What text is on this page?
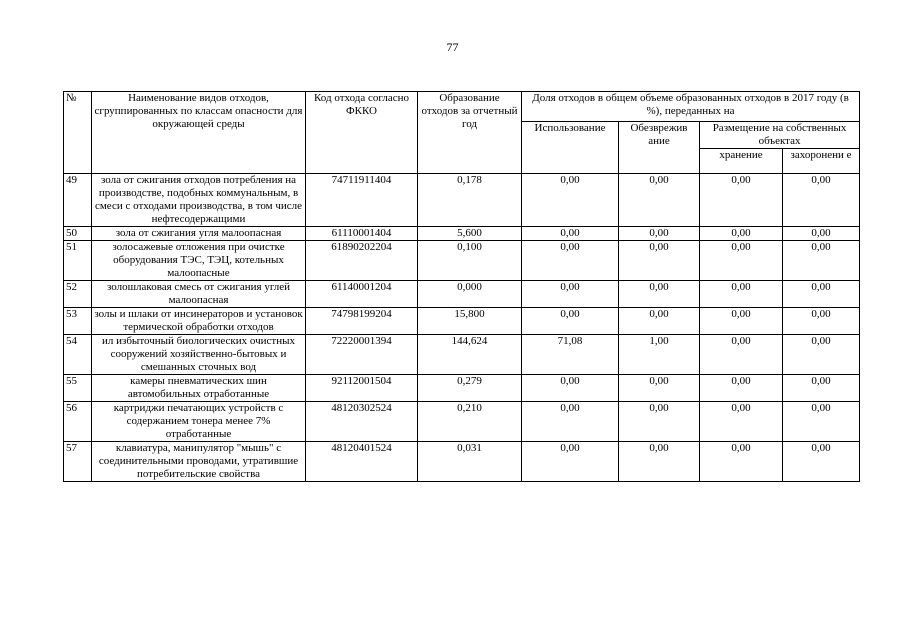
77
№	Наименование видов отходов, сгруппированных по классам опасности для окружающей среды	Код отхода согласно ФККО	Образование отходов за отчетный год	Доля отходов в общем объеме образованных отходов в 2017 году (в %), переданных на			
				Использование	Обезврежив ание	Размещение на собственных объектах	
						хранение	захоронени е
49	зола от сжигания отходов потребления на производстве, подобных коммунальным, в смеси с отходами производства, в том числе нефтесодержащими	74711911404	0,178	0,00	0,00	0,00	0,00
50	зола от сжигания угля малоопасная	61110001404	5,600	0,00	0,00	0,00	0,00
51	золосажевые отложения при очистке оборудования ТЭС, ТЭЦ, котельных малоопасные	61890202204	0,100	0,00	0,00	0,00	0,00
52	золошлаковая смесь от сжигания углей малоопасная	61140001204	0,000	0,00	0,00	0,00	0,00
53	золы и шлаки от инсинераторов и установок термической обработки отходов	74798199204	15,800	0,00	0,00	0,00	0,00
54	ил избыточный биологических очистных сооружений хозяйственно-бытовых и смешанных сточных вод	72220001394	144,624	71,08	1,00	0,00	0,00
55	камеры пневматических шин автомобильных отработанные	92112001504	0,279	0,00	0,00	0,00	0,00
56	картриджи печатающих устройств с содержанием тонера менее 7% отработанные	48120302524	0,210	0,00	0,00	0,00	0,00
57	клавиатура, манипулятор "мышь" с соединительными проводами, утратившие потребительские свойства	48120401524	0,031	0,00	0,00	0,00	0,00
